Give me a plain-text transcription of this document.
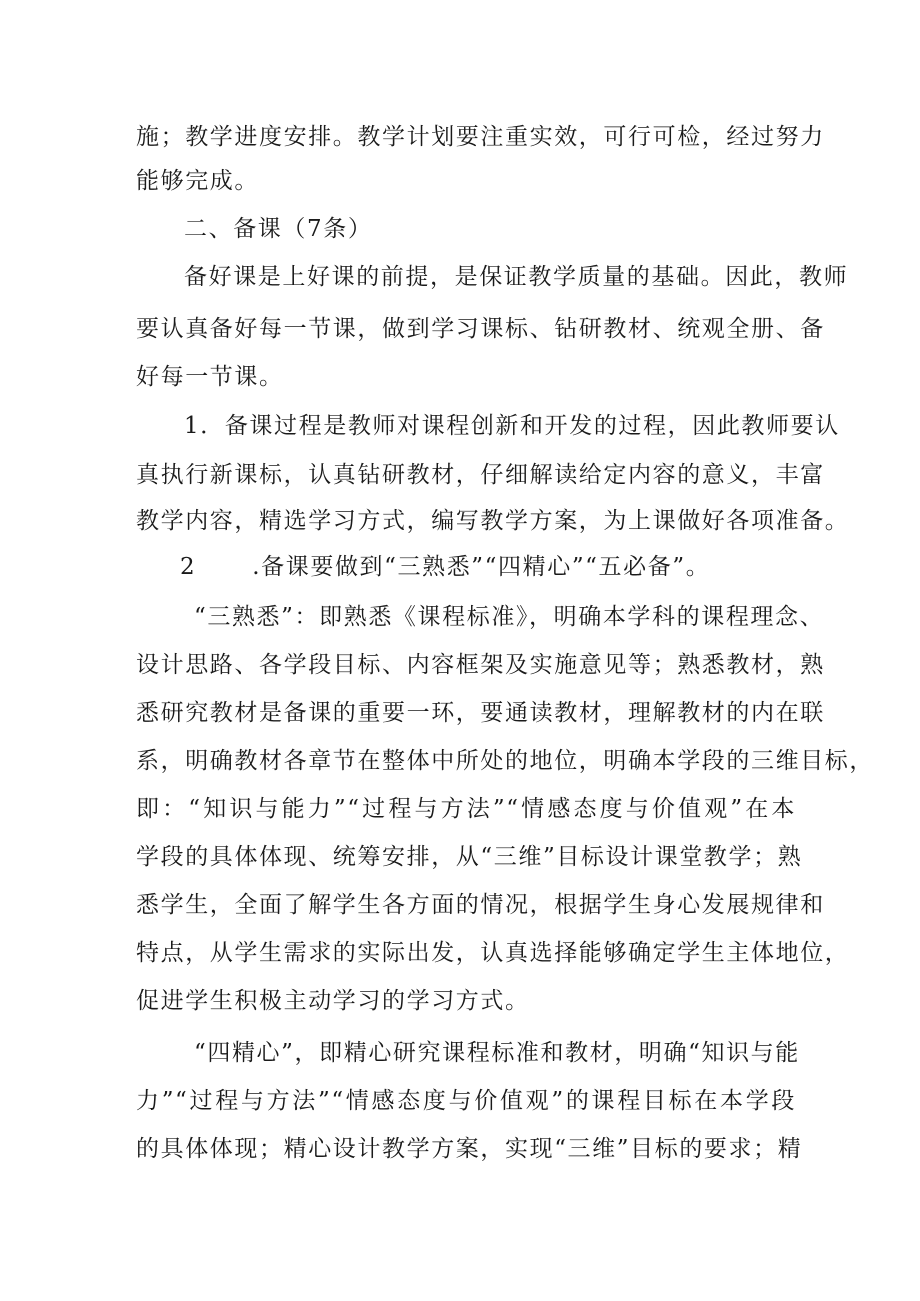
施；教学进度安排。教学计划要注重实效，可行可检，经过努力
能够完成。
二、备课（7条）
备好课是上好课的前提，是保证教学质量的基础。因此，教师
要认真备好每一节课，做到学习课标、钻研教材、统观全册、备
好每一节课。
1．备课过程是教师对课程创新和开发的过程，因此教师要认
真执行新课标，认真钻研教材，仔细解读给定内容的意义，丰富
教学内容，精选学习方式，编写教学方案，为上课做好各项准备。
2 .备课要做到“三熟悉”“四精心”“五必备”。
“三熟悉”：即熟悉《课程标准》，明确本学科的课程理念、
设计思路、各学段目标、内容框架及实施意见等；熟悉教材，熟
悉研究教材是备课的重要一环，要通读教材，理解教材的内在联
系，明确教材各章节在整体中所处的地位，明确本学段的三维目标，
即：“知识与能力”“过程与方法”“情感态度与价值观”在本
学段的具体体现、统筹安排，从“三维”目标设计课堂教学；熟
悉学生，全面了解学生各方面的情况，根据学生身心发展规律和
特点，从学生需求的实际出发，认真选择能够确定学生主体地位，
促进学生积极主动学习的学习方式。
“四精心”，即精心研究课程标准和教材，明确“知识与能
力”“过程与方法”“情感态度与价值观”的课程目标在本学段
的具体体现；精心设计教学方案，实现“三维”目标的要求；精
